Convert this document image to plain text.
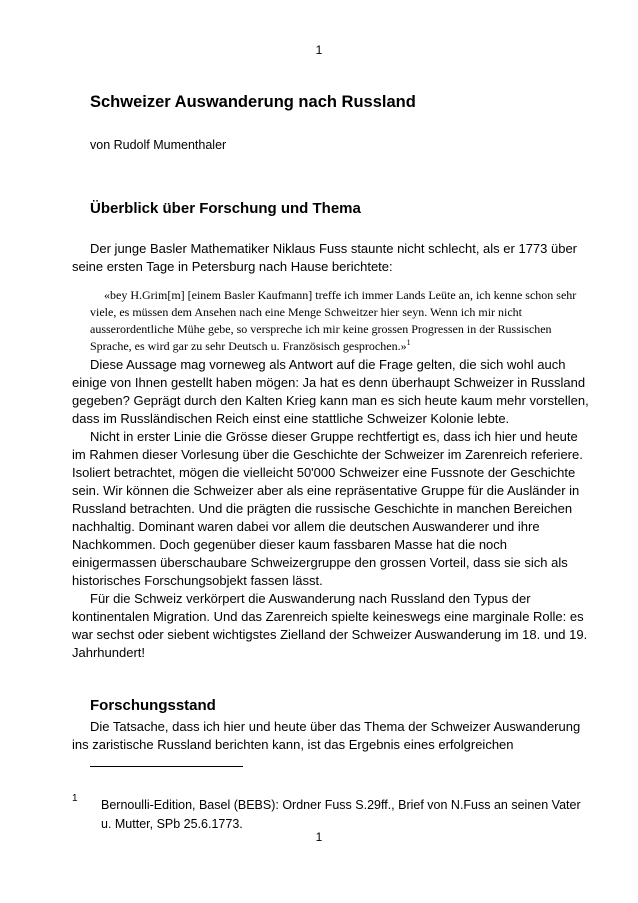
1
Schweizer Auswanderung nach Russland
von Rudolf Mumenthaler
Überblick über Forschung und Thema

Der junge Basler Mathematiker Niklaus Fuss staunte nicht schlecht, als er 1773 über seine ersten Tage in Petersburg nach Hause berichtete:

«bey H.Grim[m] [einem Basler Kaufmann] treffe ich immer Lands Leüte an, ich kenne schon sehr viele, es müssen dem Ansehen nach eine Menge Schweitzer hier seyn. Wenn ich mir nicht ausserordentliche Mühe gebe, so verspreche ich mir keine grossen Progressen in der Russischen Sprache, es wird gar zu sehr Deutsch u. Französisch gesprochen.»$^1$

Diese Aussage mag vorneweg als Antwort auf die Frage gelten, die sich wohl auch einige von Ihnen gestellt haben mögen: Ja hat es denn überhaupt Schweizer in Russland gegeben? Geprägt durch den Kalten Krieg kann man es sich heute kaum mehr vorstellen, dass im Russländischen Reich einst eine stattliche Schweizer Kolonie lebte.

Nicht in erster Linie die Grösse dieser Gruppe rechtfertigt es, dass ich hier und heute im Rahmen dieser Vorlesung über die Geschichte der Schweizer im Zarenreich referiere. Isoliert betrachtet, mögen die vielleicht 50'000 Schweizer eine Fussnote der Geschichte sein. Wir können die Schweizer aber als eine repräsentative Gruppe für die Ausländer in Russland betrachten. Und die prägten die russische Geschichte in manchen Bereichen nachhaltig. Dominant waren dabei vor allem die deutschen Auswanderer und ihre Nachkommen. Doch gegenüber dieser kaum fassbaren Masse hat die noch einigermassen überschaubare Schweizergruppe den grossen Vorteil, dass sie sich als historisches Forschungsobjekt fassen lässt.

Für die Schweiz verkörpert die Auswanderung nach Russland den Typus der kontinentalen Migration. Und das Zarenreich spielte keineswegs eine marginale Rolle: es war sechst oder siebent wichtigstes Zielland der Schweizer Auswanderung im 18. und 19. Jahrhundert!

Forschungsstand

Die Tatsache, dass ich hier und heute über das Thema der Schweizer Auswanderung ins zaristische Russland berichten kann, ist das Ergebnis eines erfolgreichen

1 Bernoulli-Edition, Basel (BEBS): Ordner Fuss S.29ff., Brief von N.Fuss an seinen Vater u. Mutter, SPb 25.6.1773.
1
